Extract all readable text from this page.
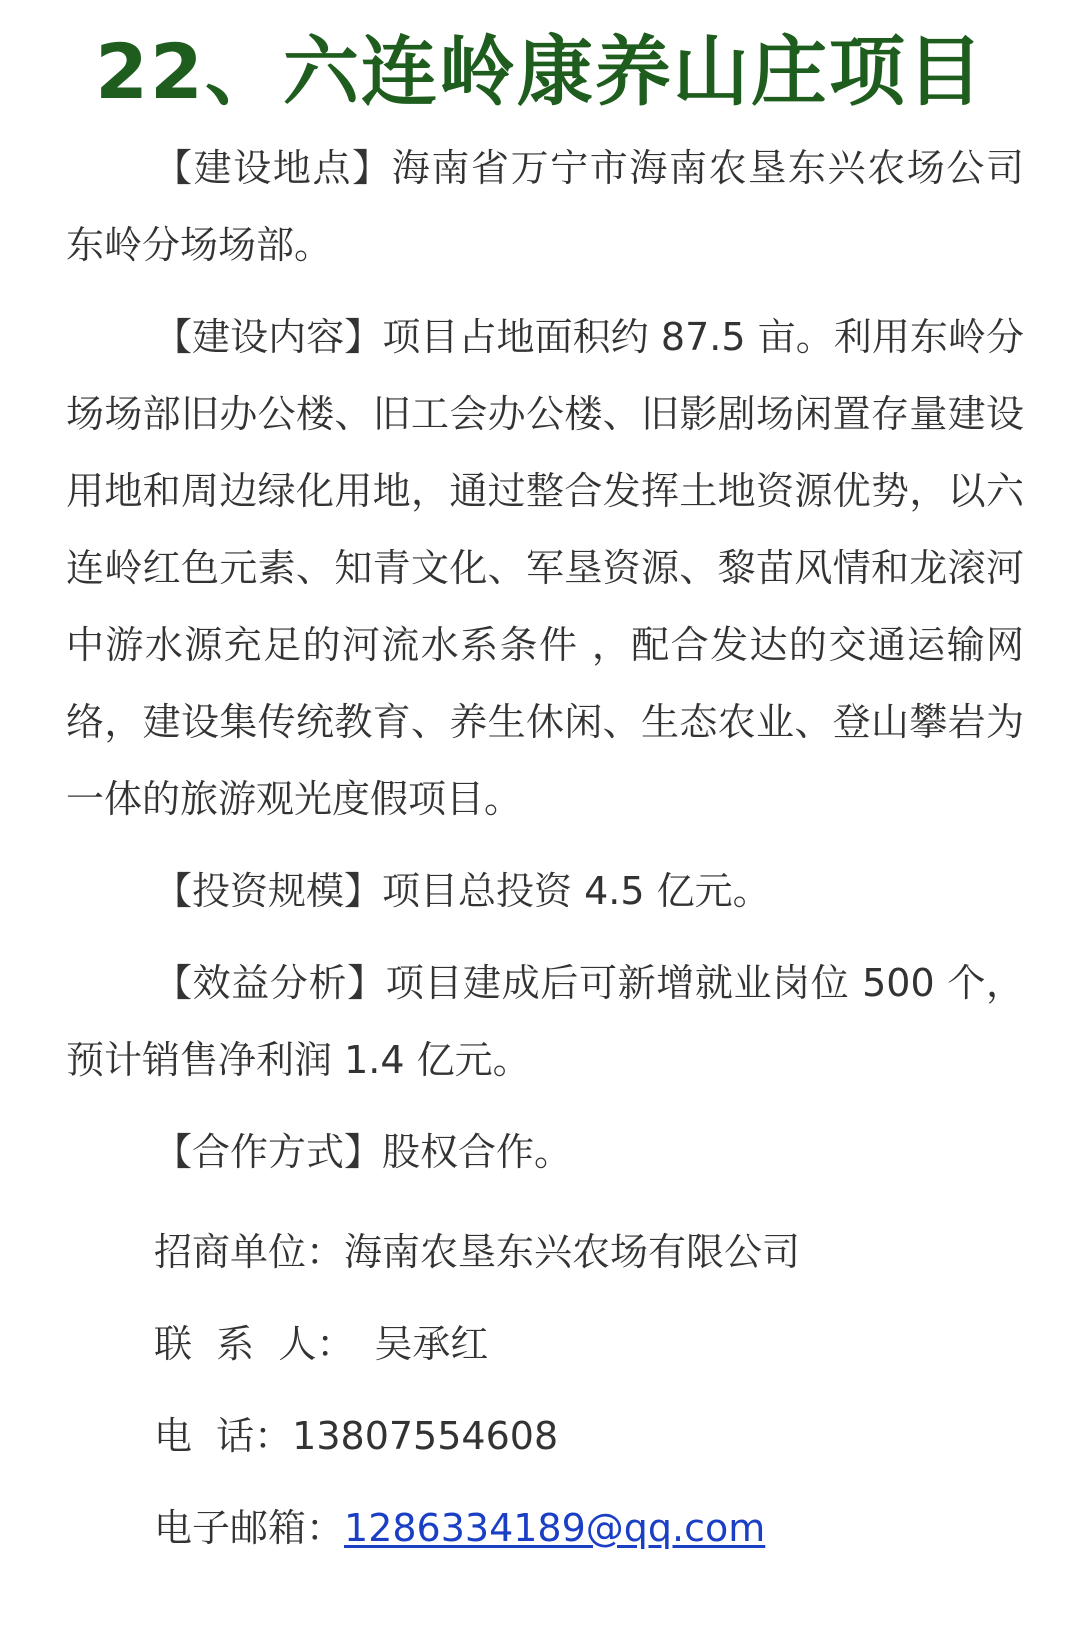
22、六连岭康养山庄项目

【建设地点】海南省万宁市海南农垦东兴农场公司东岭分场场部。

【建设内容】项目占地面积约 87.5 亩。利用东岭分场场部旧办公楼、旧工会办公楼、旧影剧场闲置存量建设用地和周边绿化用地，通过整合发挥土地资源优势，以六连岭红色元素、知青文化、军垦资源、黎苗风情和龙滚河中游水源充足的河流水系条件 ，配合发达的交通运输网络，建设集传统教育、养生休闲、生态农业、登山攀岩为一体的旅游观光度假项目。

【投资规模】项目总投资 4.5 亿元。

【效益分析】项目建成后可新增就业岗位 500 个，预计销售净利润 1.4 亿元。

【合作方式】股权合作。

招商单位：海南农垦东兴农场有限公司

联  系  人： 吴承红

电  话：13807554608

电子邮箱：1286334189@qq.com
